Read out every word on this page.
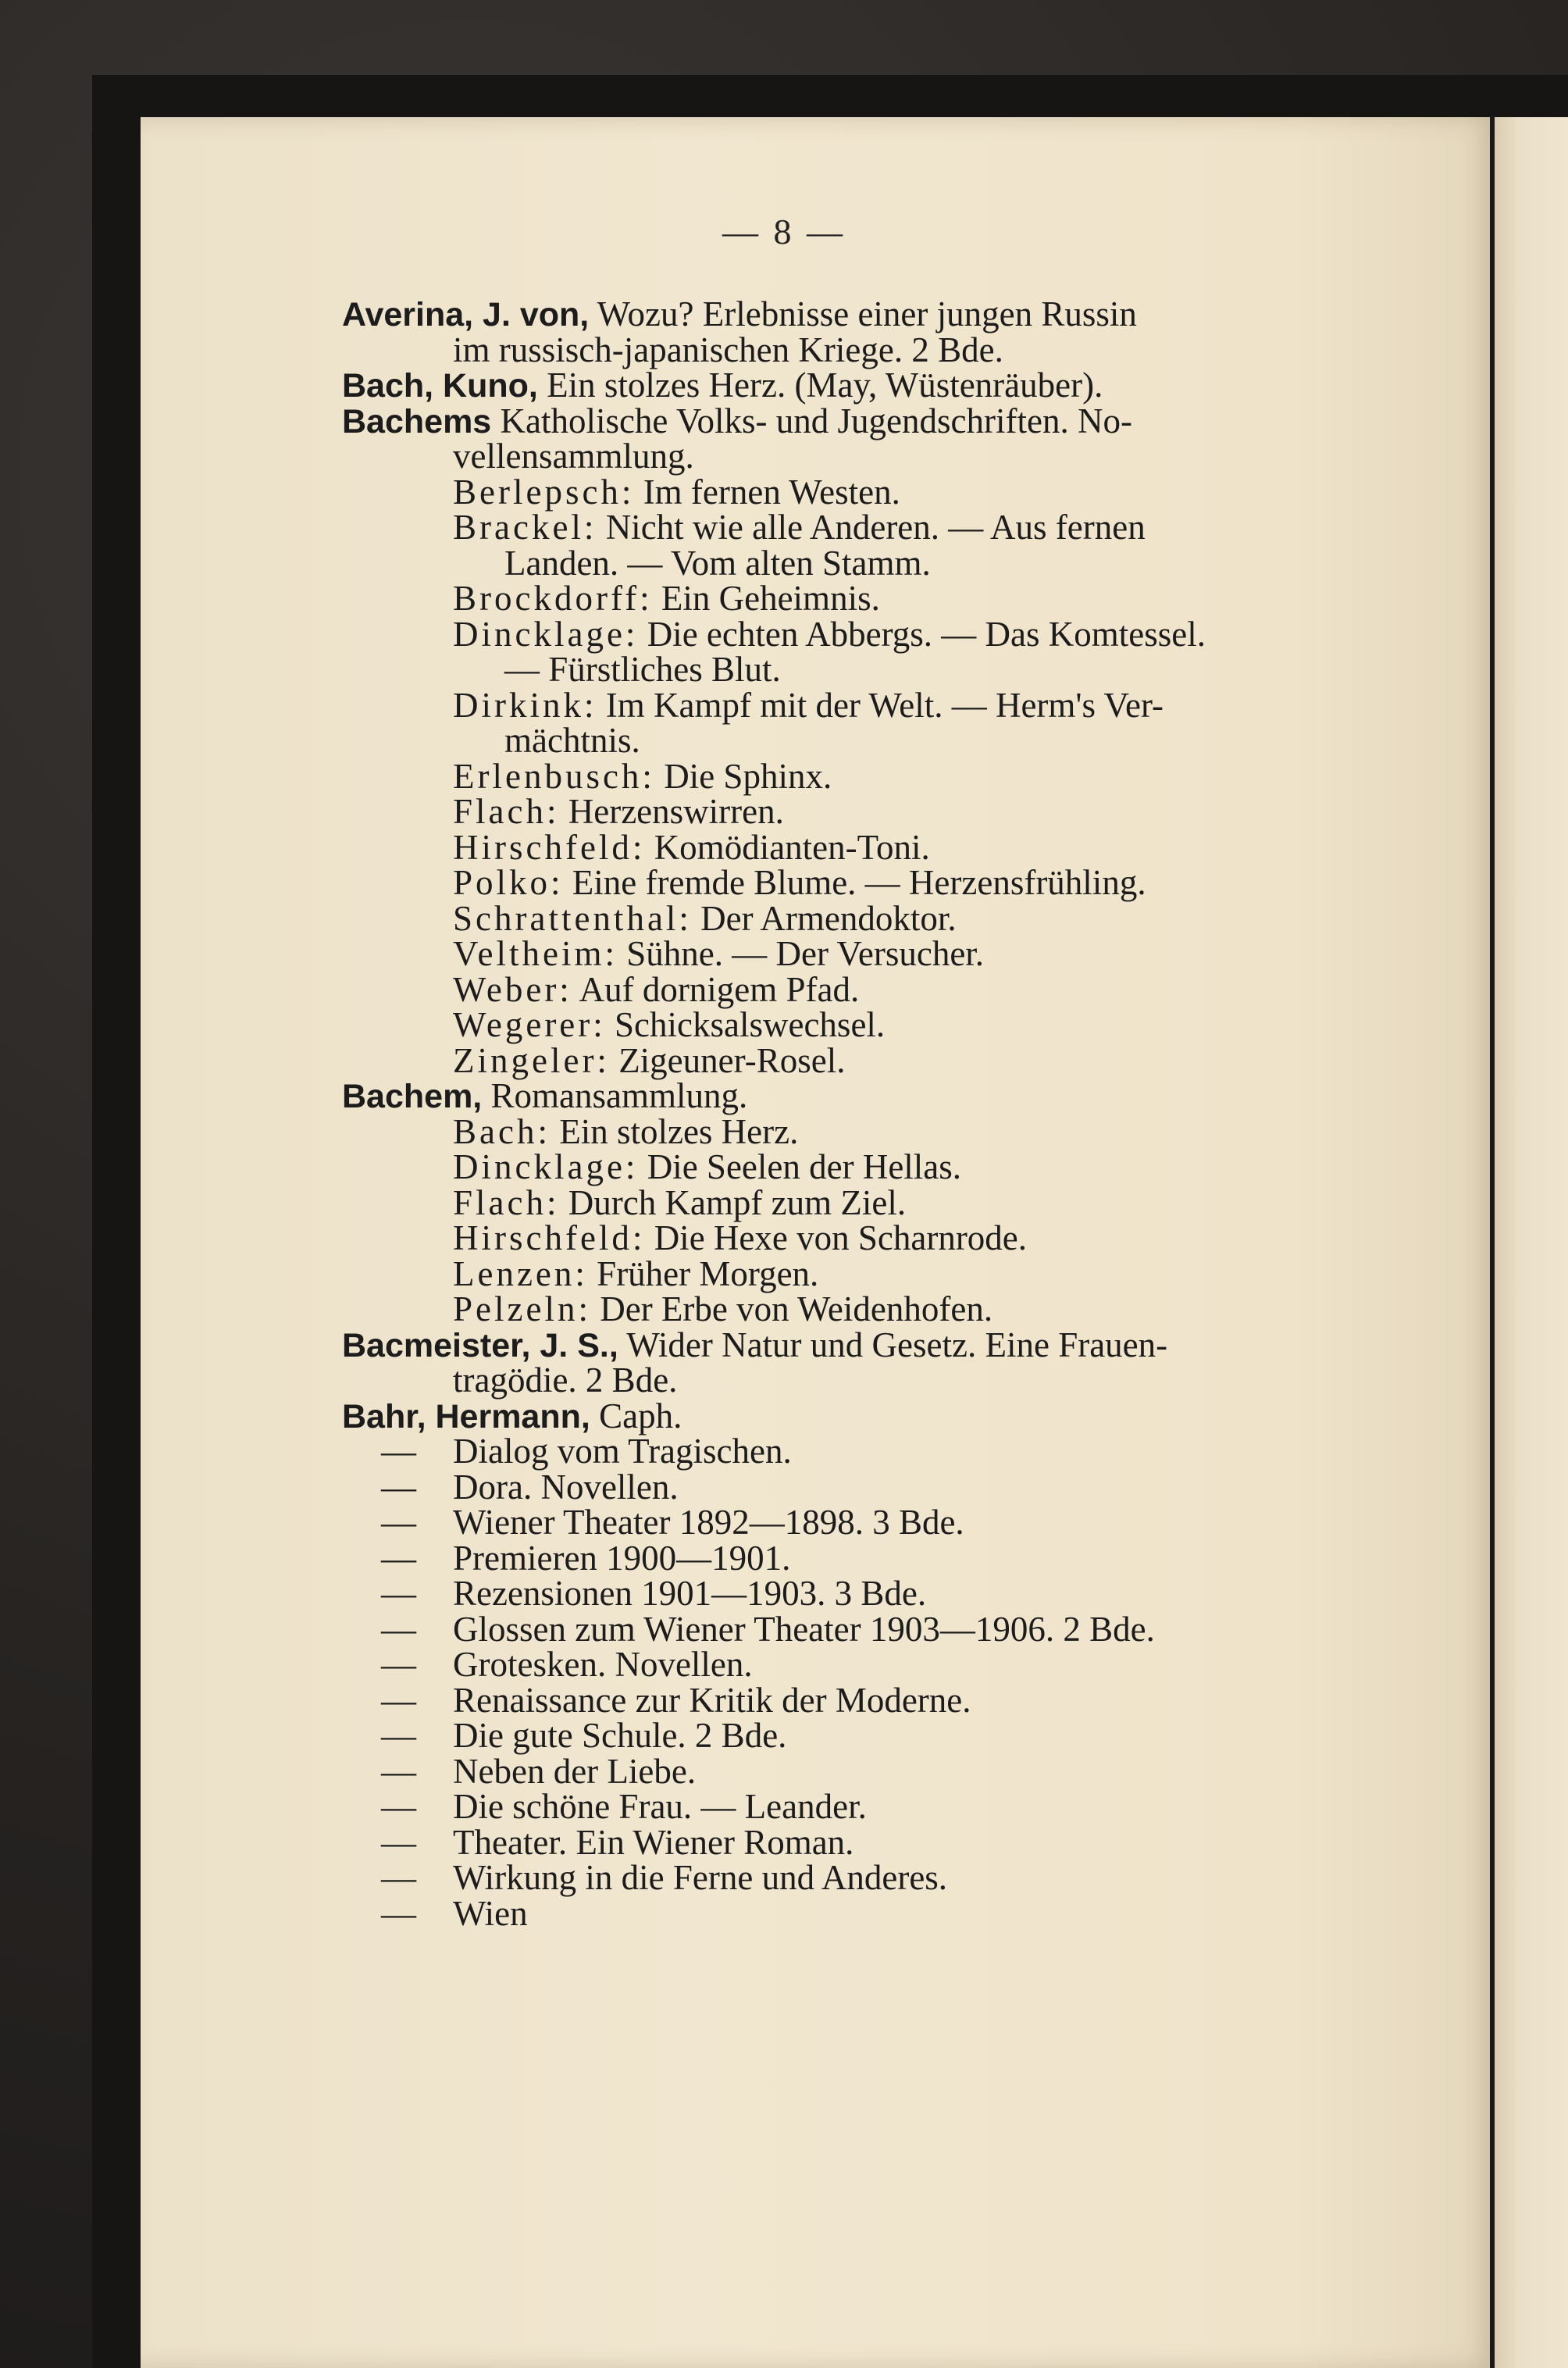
— 8 —
Averina, J. von, Wozu? Erlebnisse einer jungen Russin
im russisch-japanischen Kriege. 2 Bde.
Bach, Kuno, Ein stolzes Herz. (May, Wüstenräuber).
Bachems Katholische Volks- und Jugendschriften. No-
vellensammlung.
Berlepsch: Im fernen Westen.
Brackel: Nicht wie alle Anderen. — Aus fernen
Landen. — Vom alten Stamm.
Brockdorff: Ein Geheimnis.
Dincklage: Die echten Abbergs. — Das Komtessel.
— Fürstliches Blut.
Dirkink: Im Kampf mit der Welt. — Herm's Ver-
mächtnis.
Erlenbusch: Die Sphinx.
Flach: Herzenswirren.
Hirschfeld: Komödianten-Toni.
Polko: Eine fremde Blume. — Herzensfrühling.
Schrattenthal: Der Armendoktor.
Veltheim: Sühne. — Der Versucher.
Weber: Auf dornigem Pfad.
Wegerer: Schicksalswechsel.
Zingeler: Zigeuner-Rosel.
Bachem, Romansammlung.
Bach: Ein stolzes Herz.
Dincklage: Die Seelen der Hellas.
Flach: Durch Kampf zum Ziel.
Hirschfeld: Die Hexe von Scharnrode.
Lenzen: Früher Morgen.
Pelzeln: Der Erbe von Weidenhofen.
Bacmeister, J. S., Wider Natur und Gesetz. Eine Frauen-
tragödie. 2 Bde.
Bahr, Hermann, Caph.
— Dialog vom Tragischen.
— Dora. Novellen.
— Wiener Theater 1892—1898. 3 Bde.
— Premieren 1900—1901.
— Rezensionen 1901—1903. 3 Bde.
— Glossen zum Wiener Theater 1903—1906. 2 Bde.
— Grotesken. Novellen.
— Renaissance zur Kritik der Moderne.
— Die gute Schule. 2 Bde.
— Neben der Liebe.
— Die schöne Frau. — Leander.
— Theater. Ein Wiener Roman.
— Wirkung in die Ferne und Anderes.
— Wien
